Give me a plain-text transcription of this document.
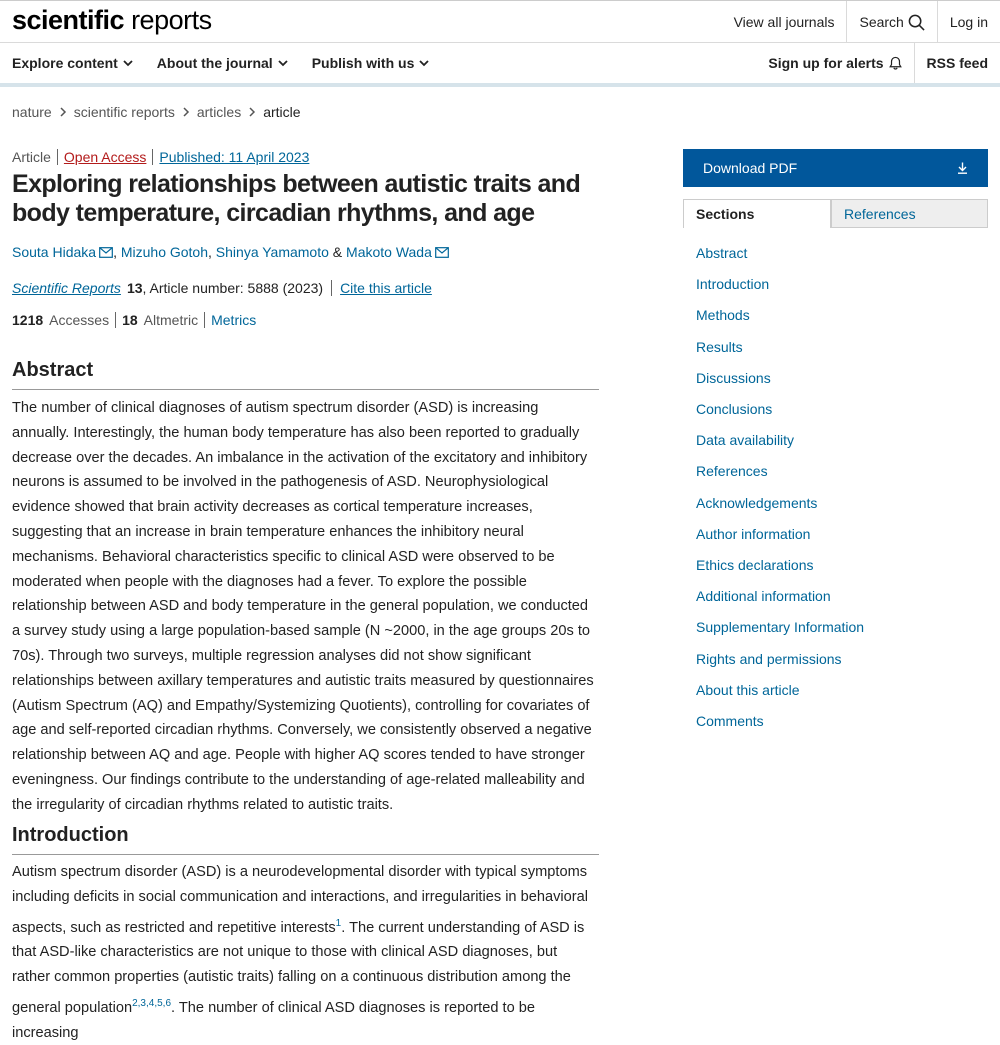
scientific reports	View all journals	Search	Log in
Explore content	About the journal	Publish with us	Sign up for alerts	RSS feed
nature scientific reports articles article
Article Open Access Published: 11 April 2023
Exploring relationships between autistic traits and body temperature, circadian rhythms, and age
Souta Hidaka ,
Mizuho Gotoh ,
Shinya Yamamoto
&
Makoto Wada
Scientific Reports 13 , Article number: 5888 (2023)	Cite this article
1218 Accesses 18 Altmetric Metrics
Abstract

The number of clinical diagnoses of autism spectrum disorder (ASD) is increasing annually. Interestingly, the human body temperature has also been reported to gradually decrease over the decades. An imbalance in the activation of the excitatory and inhibitory neurons is assumed to be involved in the pathogenesis of ASD. Neurophysiological evidence showed that brain activity decreases as cortical temperature increases, suggesting that an increase in brain temperature enhances the inhibitory neural mechanisms. Behavioral characteristics specific to clinical ASD were observed to be moderated when people with the diagnoses had a fever. To explore the possible relationship between ASD and body temperature in the general population, we conducted a survey study using a large population-based sample (N ~2000, in the age groups 20s to 70s). Through two surveys, multiple regression analyses did not show significant relationships between axillary temperatures and autistic traits measured by questionnaires (Autism Spectrum (AQ) and Empathy/Systemizing Quotients), controlling for covariates of age and self-reported circadian rhythms. Conversely, we consistently observed a negative relationship between AQ and age. People with higher AQ scores tended to have stronger eveningness. Our findings contribute to the understanding of age-related malleability and the irregularity of circadian rhythms related to autistic traits.

Introduction

Autism spectrum disorder (ASD) is a neurodevelopmental disorder with typical symptoms including deficits in social communication and interactions, and irregularities in behavioral aspects, such as restricted and repetitive interests$^1$. The current understanding of ASD is that ASD-like characteristics are not unique to those with clinical ASD diagnoses, but rather common properties (autistic traits) falling on a continuous distribution among the general population$^{2,3,4,5,6}$. The number of clinical ASD diagnoses is reported to be increasing

Download PDF
Sections	References
Abstract
Introduction
Methods
Results
Discussions
Conclusions
Data availability
References
Acknowledgements
Author information
Ethics declarations
Additional information
Supplementary Information
Rights and permissions
About this article
Comments
